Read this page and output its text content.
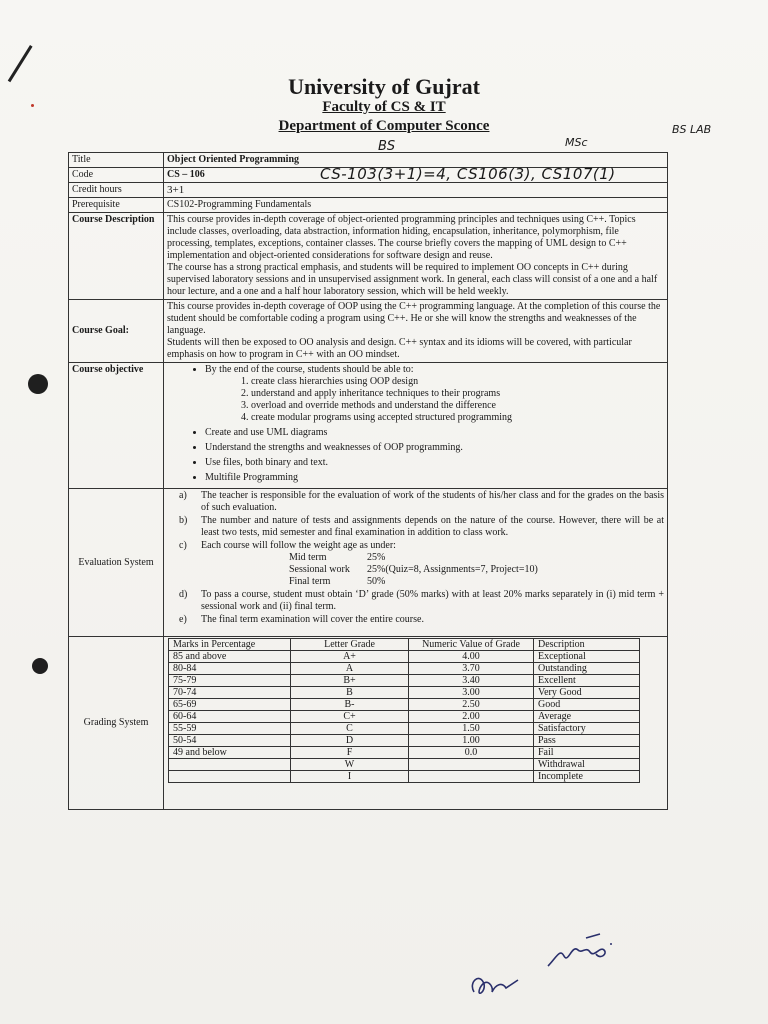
University of Gujrat
Faculty of CS & IT
Department of Computer Sconce
Title	Object Oriented Programming
Code	CS – 106
Credit hours	3+1
Prerequisite	CS102-Programming Fundamentals
Course Description	This course provides in-depth coverage of object-oriented programming principles and techniques using C++. Topics include classes, overloading, data abstraction, information hiding, encapsulation, inheritance, polymorphism, file processing, templates, exceptions, container classes. The course briefly covers the mapping of UML design to C++ implementation and object-oriented considerations for software design and reuse.
The course has a strong practical emphasis, and students will be required to implement OO concepts in C++ during supervised laboratory sessions and in unsupervised assignment work. In general, each class will consist of a one and a half hour lecture, and a one and a half hour laboratory session, which will be held weekly.

Course Goal:	
This course provides in-depth coverage of OOP using the C++ programming language. At the completion of this course the student should be comfortable coding a program using C++. He or she will know the strengths and weaknesses of the language.
Students will then be exposed to OO analysis and design. C++ syntax and its idioms will be covered, with particular emphasis on how to program in C++ with an OO mindset.

Course objective	
•By the end of the course, students should be able to:
1. create class hierarchies using OOP design
2. understand and apply inheritance techniques to their programs
3. overload and override methods and understand the difference
4. create modular programs using accepted structured programming
• Create and use UML diagrams
• Understand the strengths and weaknesses of OOP programming.
• Use files, both binary and text.
• Multifile Programming

Evaluation System	
a) The teacher is responsible for the evaluation of work of the students of his/her class and for the grades on the basis of such evaluation.
b) The number and nature of tests and assignments depends on the nature of the course. However, there will be at least two tests, mid semester and final examination in addition to class work.
c) Each course will follow the weight age as under:
Mid term	25%
Sessional work 25%(Quiz=8, Assignments=7, Project=10)
Final term	50%
d) To pass a course, student must obtain ‘D’ grade (50% marks) with at least 20% marks separately in (i) mid term + sessional work and (ii) final term.
e) The final term examination will cover the entire course.

Grading System	
Marks in Percentage	Letter Grade	Numeric Value of Grade	Description
85 and above	A+	4.00	Exceptional
80-84	A	3.70	Outstanding
75-79	B+	3.40	Excellent
70-74	B	3.00	Very Good
65-69	B-	2.50	Good
60-64	C+	2.00	Average
55-59	C	1.50	Satisfactory
50-54	D	1.00	Pass
49 and below	F	0.0	Fail
	W		Withdrawal
	I		Incomplete
BS	MSc
BS LAB
CS-103(3+1)=4, CS106(3), CS107(1)
